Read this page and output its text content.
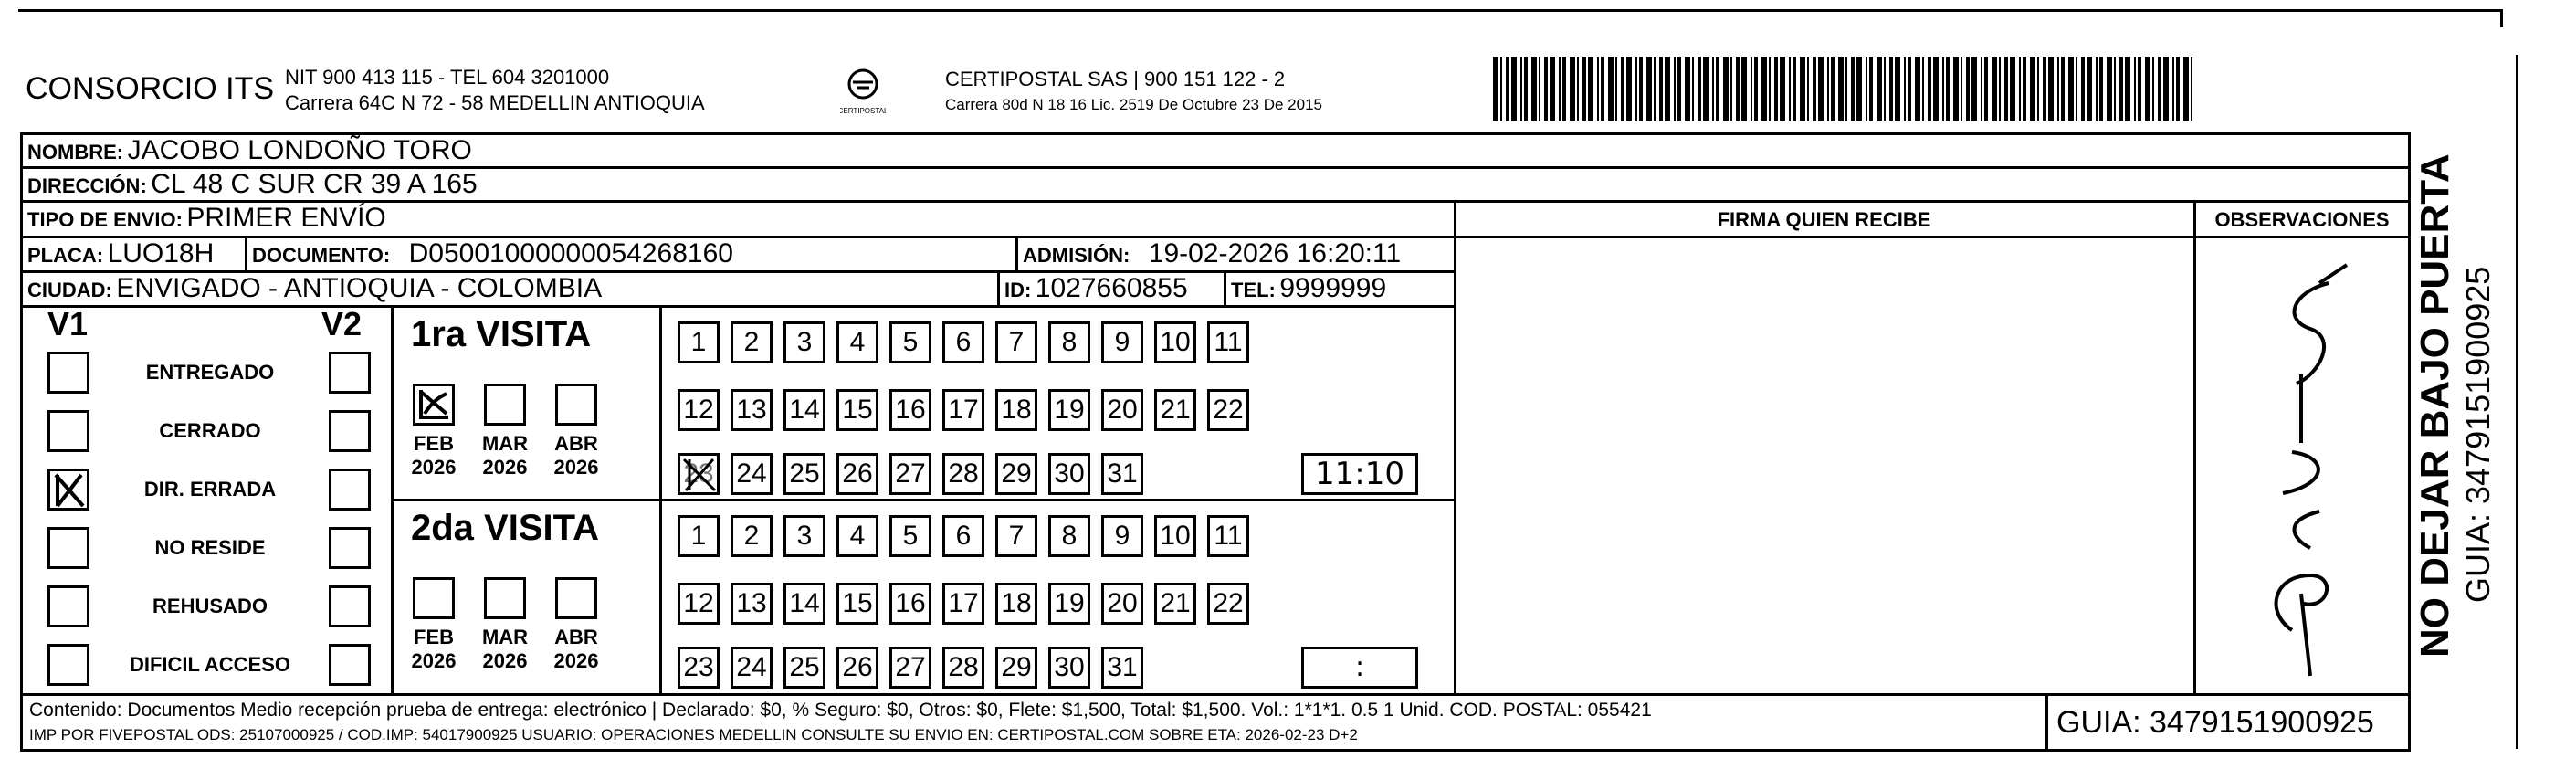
CONSORCIO ITS NIT 900 413 115 - TEL 604 3201000
Carrera 64C N 72 - 58 MEDELLIN ANTIOQUIA	CERTIPOSTAL
CERTIPOSTAL SAS | 900 151 122 - 2
Carrera 80d N 18 16 Lic. 2519 De Octubre 23 De 2015
NOMBRE: JACOBO LONDOÑO TORO
DIRECCIÓN: CL 48 C SUR CR 39 A 165
TIPO DE ENVIO: PRIMER ENVÍO	FIRMA QUIEN RECIBE	OBSERVACIONES
PLACA: LUO18H DOCUMENTO: D05001000000054268160	ADMISIÓN: 19-02-2026 16:20:11
CIUDAD: ENVIGADO - ANTIOQUIA - COLOMBIA	ID: 1027660855 TEL: 9999999
V1	V2
ENTREGADO
CERRADO
DIR. ERRADA
NO RESIDE
REHUSADO
DIFICIL ACCESO
1ra VISITA
2da VISITA
FEB
2026
MAR
2026
ABR
2026
1	2	3	4	5	6	7	8	9	10 11
12 13 14 15 16 17 18 19 20 21 22
23 24 25 26 27 28 29 30 31	11:10
FEB
2026
MAR
2026
ABR
2026
1	2	3	4	5	6	7	8	9	10 11
12 13 14 15 16 17 18 19 20 21 22
23 24 25 26 27 28 29 30 31	:
Contenido: Documentos Medio recepción prueba de entrega: electrónico | Declarado: $0, % Seguro: $0, Otros: $0, Flete: $1,500, Total: $1,500. Vol.: 1*1*1. 0.5 1 Unid. COD. POSTAL: 055421
IMP POR FIVEPOSTAL ODS: 25107000925 / COD.IMP: 54017900925 USUARIO: OPERACIONES MEDELLIN CONSULTE SU ENVIO EN: CERTIPOSTAL.COM SOBRE ETA: 2026-02-23 D+2	GUIA: 3479151900925
NO DEJAR BAJO PUERTA GUIA: 3479151900925
